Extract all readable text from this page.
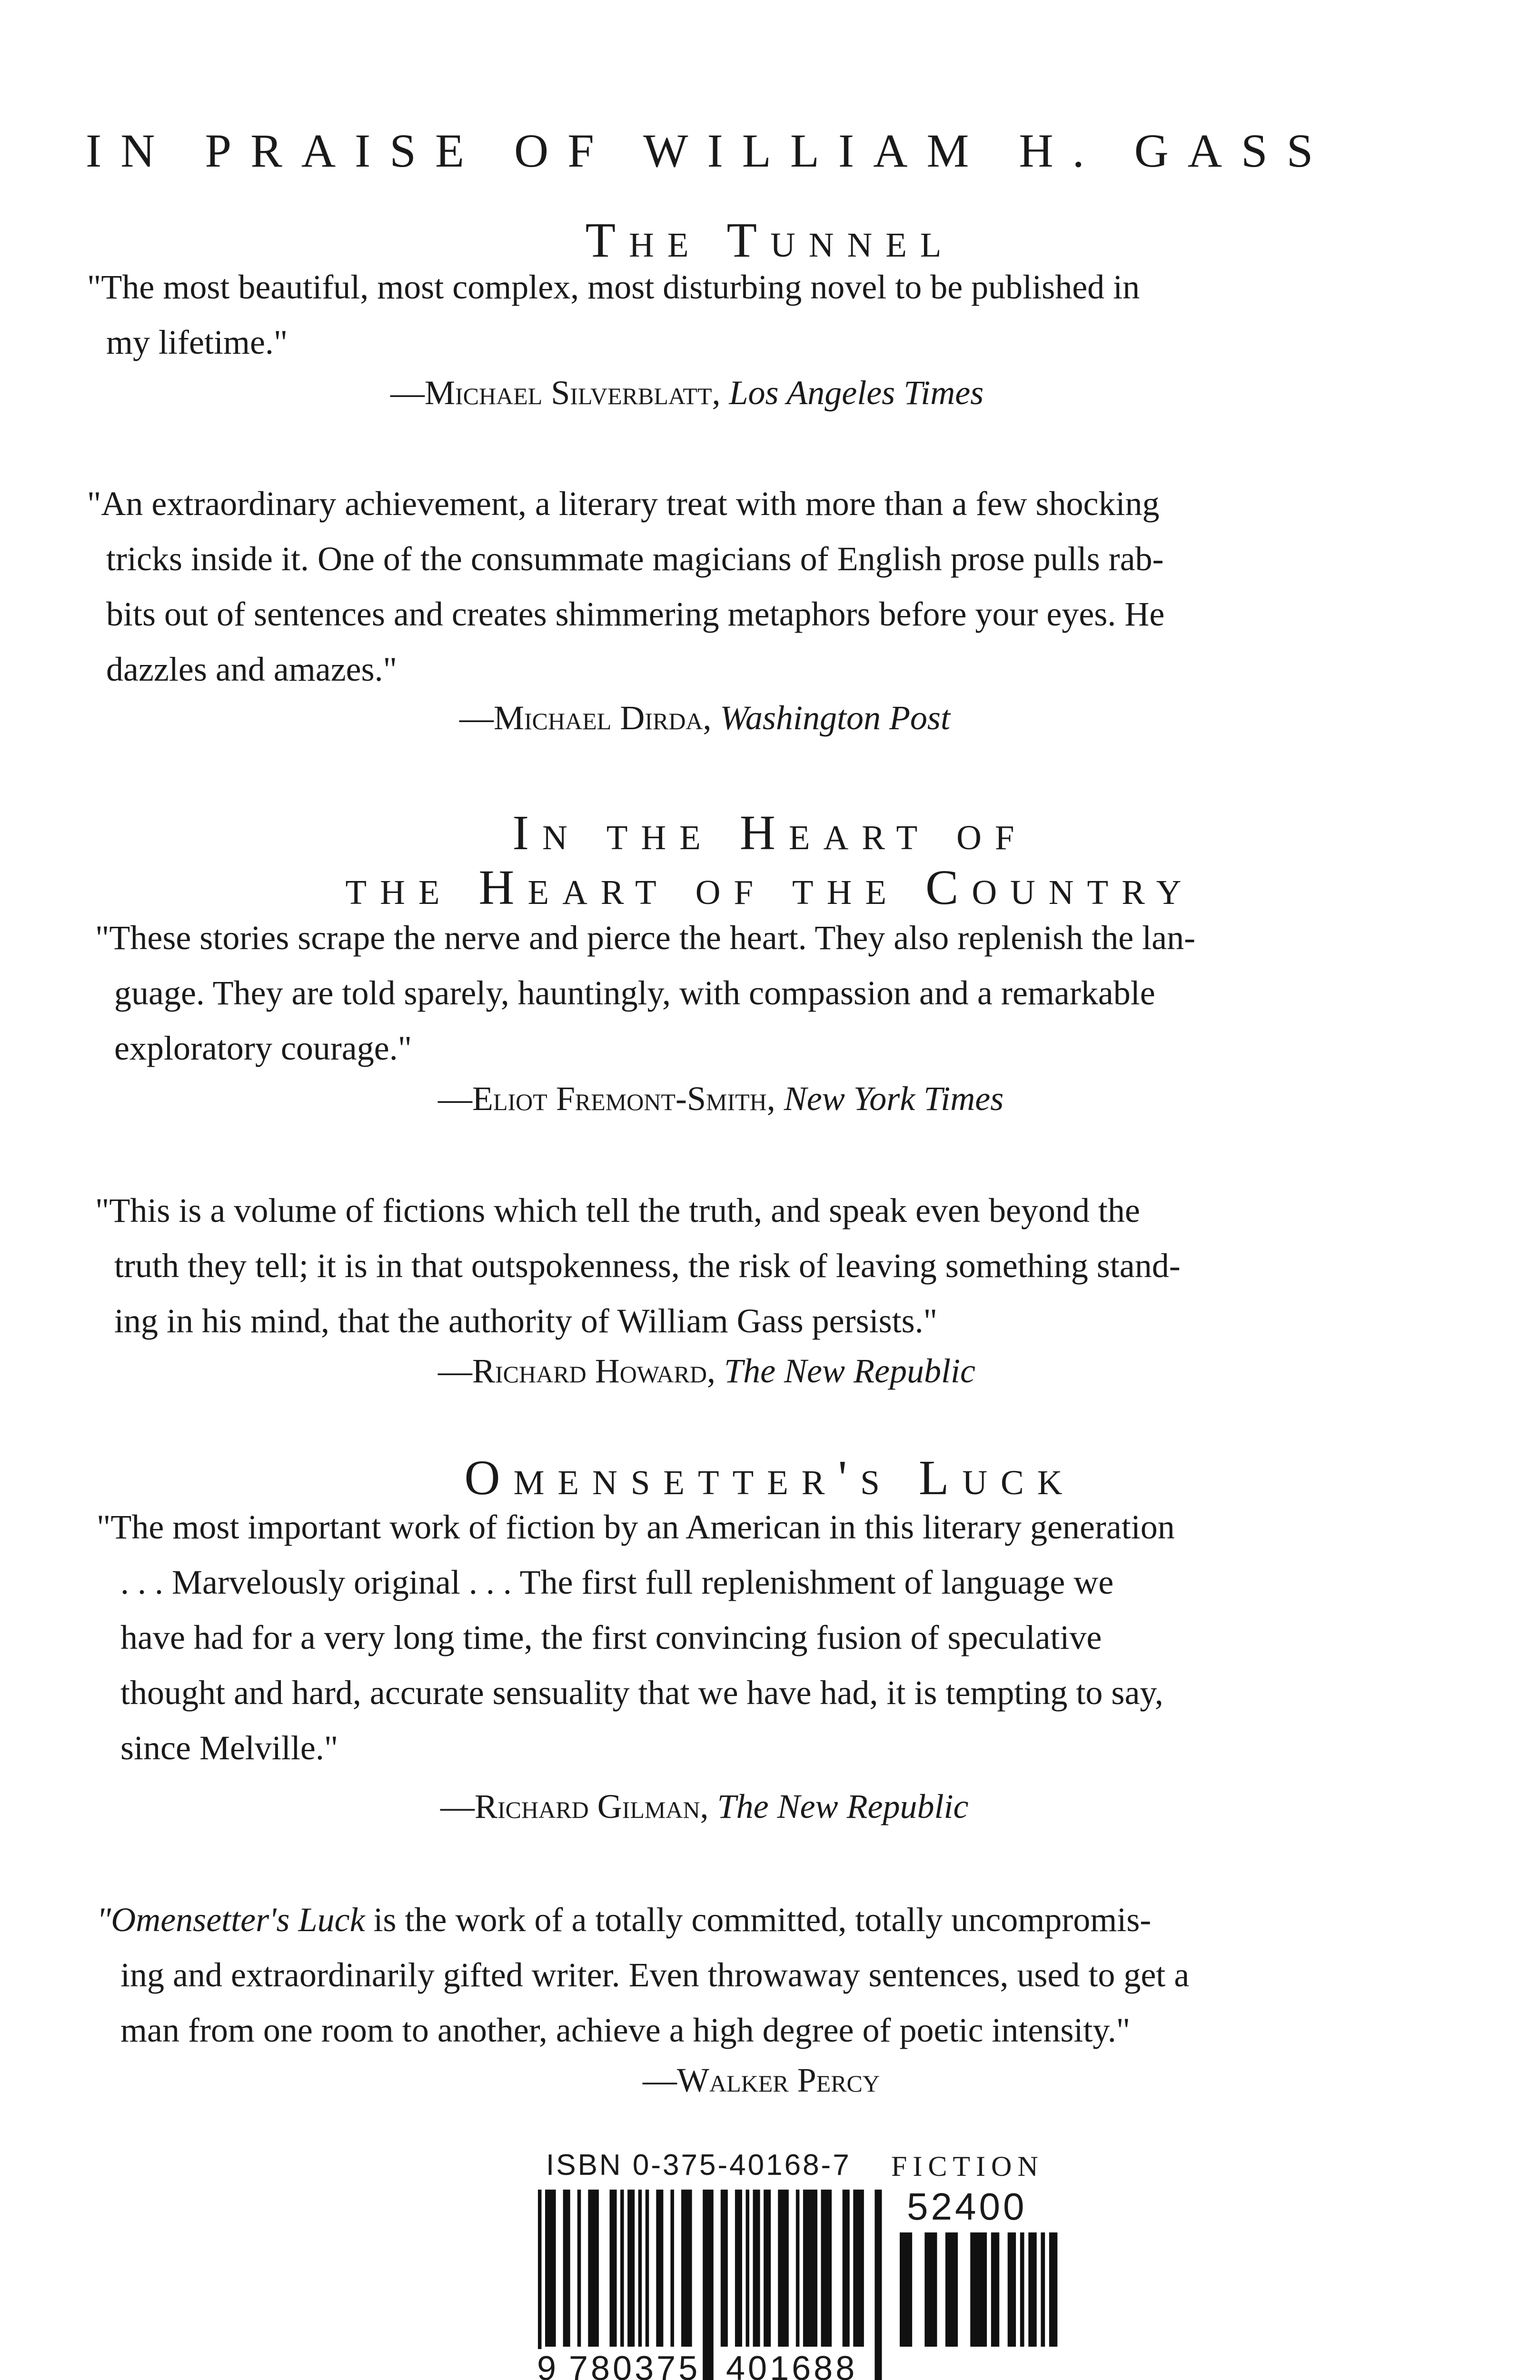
IN PRAISE OF WILLIAM H. GASS
The Tunnel
"The most beautiful, most complex, most disturbing novel to be published in
my lifetime."
—Michael Silverblatt, Los Angeles Times
"An extraordinary achievement, a literary treat with more than a few shocking
tricks inside it. One of the consummate magicians of English prose pulls rab-
bits out of sentences and creates shimmering metaphors before your eyes. He
dazzles and amazes."
—Michael Dirda, Washington Post
In the Heart of
the Heart of the Country
"These stories scrape the nerve and pierce the heart. They also replenish the lan-
guage. They are told sparely, hauntingly, with compassion and a remarkable
exploratory courage."
—Eliot Fremont-Smith, New York Times
"This is a volume of fictions which tell the truth, and speak even beyond the
truth they tell; it is in that outspokenness, the risk of leaving something stand-
ing in his mind, that the authority of William Gass persists."
—Richard Howard, The New Republic
Omensetter's Luck
"The most important work of fiction by an American in this literary generation
. . . Marvelously original . . . The first full replenishment of language we
have had for a very long time, the first convincing fusion of speculative
thought and hard, accurate sensuality that we have had, it is tempting to say,
since Melville."
—Richard Gilman, The New Republic
"Omensetter's Luck is the work of a totally committed, totally uncompromis-
ing and extraordinarily gifted writer. Even throwaway sentences, used to get a
man from one room to another, achieve a high degree of poetic intensity."
—Walker Percy
ISBN 0-375-40168-7 FICTION
52400
9 780375 401688
